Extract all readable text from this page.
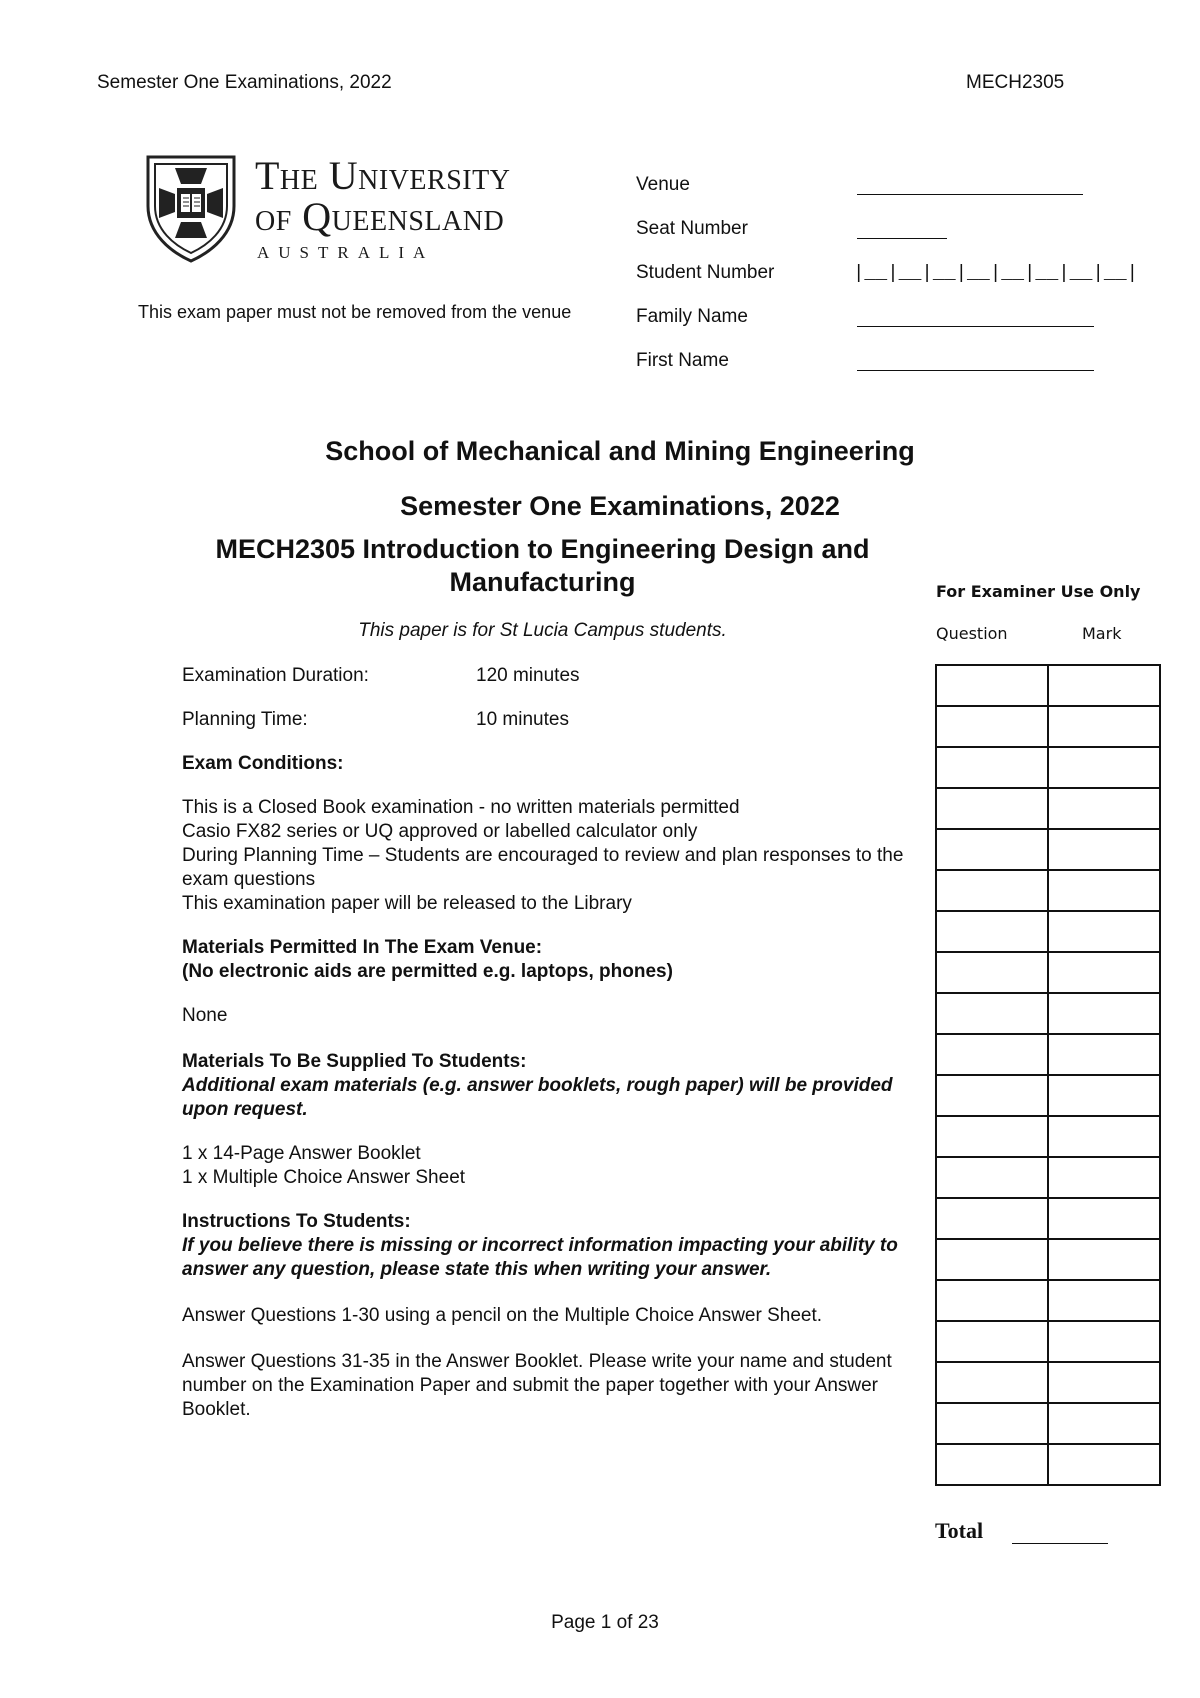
Semester One Examinations, 2022	MECH2305
The University
of Queensland
AUSTRALIA
This exam paper must not be removed from the venue
Venue
Seat Number
Student Number	|__|__|__|__|__|__|__|__|
Family Name
First Name
School of Mechanical and Mining Engineering
Semester One Examinations, 2022
MECH2305 Introduction to Engineering Design and Manufacturing
This paper is for St Lucia Campus students.
Examination Duration:	120 minutes
Planning Time:	10 minutes
Exam Conditions:
This is a Closed Book examination - no written materials permitted
Casio FX82 series or UQ approved or labelled calculator only
During Planning Time – Students are encouraged to review and plan responses to the exam questions
This examination paper will be released to the Library
Materials Permitted In The Exam Venue:
(No electronic aids are permitted e.g. laptops, phones)
None
Materials To Be Supplied To Students:
Additional exam materials (e.g. answer booklets, rough paper) will be provided upon request.
1 x 14-Page Answer Booklet
1 x Multiple Choice Answer Sheet
Instructions To Students:
If you believe there is missing or incorrect information impacting your ability to answer any question, please state this when writing your answer.
Answer Questions 1-30 using a pencil on the Multiple Choice Answer Sheet.
Answer Questions 31-35 in the Answer Booklet. Please write your name and student number on the Examination Paper and submit the paper together with your Answer Booklet.
For Examiner Use Only
Question	Mark

Total
Page 1 of 23
